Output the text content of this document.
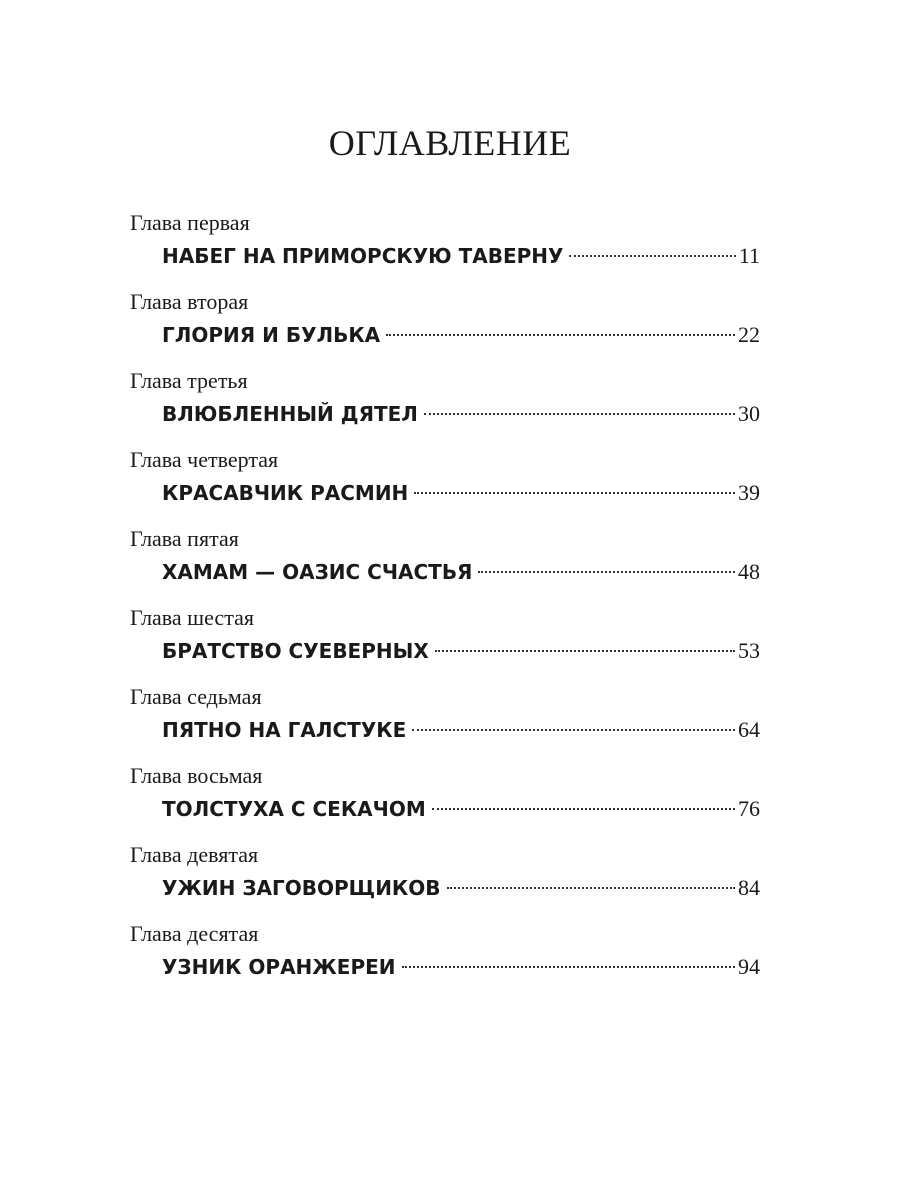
ОГЛАВЛЕНИЕ
Глава первая
НАБЕГ НА ПРИМОРСКУЮ ТАВЕРНУ	11
Глава вторая
ГЛОРИЯ И БУЛЬКА	22
Глава третья
ВЛЮБЛЕННЫЙ ДЯТЕЛ	30
Глава четвертая
КРАСАВЧИК РАСМИН	39
Глава пятая
ХАМАМ — ОАЗИС СЧАСТЬЯ	48
Глава шестая
БРАТСТВО СУЕВЕРНЫХ	53
Глава седьмая
ПЯТНО НА ГАЛСТУКЕ	64
Глава восьмая
ТОЛСТУХА С СЕКАЧОМ	76
Глава девятая
УЖИН ЗАГОВОРЩИКОВ	84
Глава десятая
УЗНИК ОРАНЖЕРЕИ	94
